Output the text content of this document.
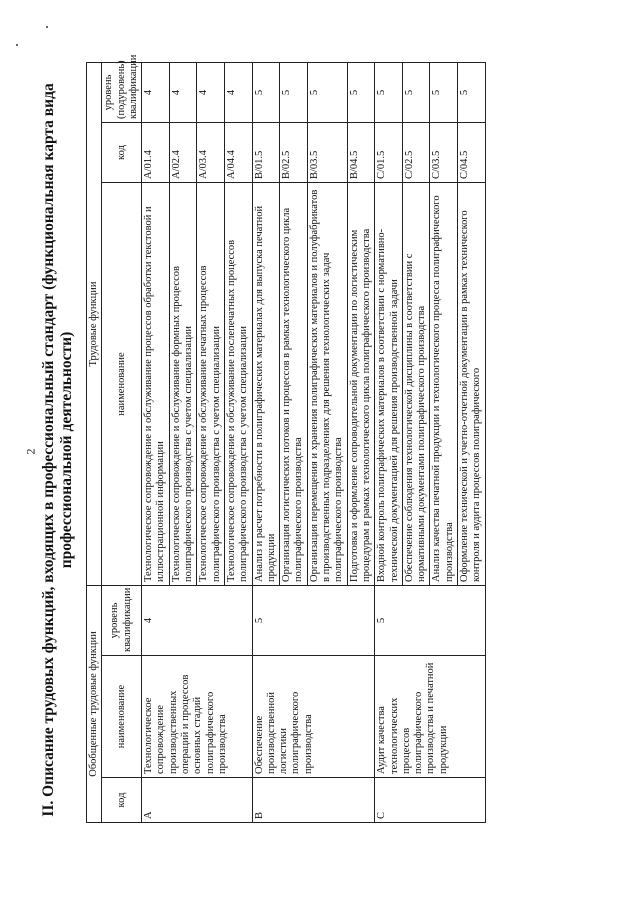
2 II. Описание трудовых функций, входящих в профессиональный стандарт (функциональная карта вида профессиональной деятельности)
Обобщенные трудовые функции			Трудовые функции		
код	наименование	уровень квалификации	наименование	код	уровень (подуровень) квалификации
A	Технологическое сопровождение производственных операций и процессов основных стадий полиграфического производства	4	Технологическое сопровождение и обслуживание процессов обработки текстовой и иллюстрационной информации	A/01.4	4
			Технологическое сопровождение и обслуживание формных процессов полиграфического производства с учетом специализации	A/02.4	4
			Технологическое сопровождение и обслуживание печатных процессов полиграфического производства с учетом специализации	A/03.4	4
			Технологическое сопровождение и обслуживание послепечатных процессов полиграфического производства с учетом специализации	A/04.4	4
B	Обеспечение производственной логистики полиграфического производства	5	Анализ и расчет потребности в полиграфических материалах для выпуска печатной продукции	B/01.5	5
			Организация логистических потоков и процессов в рамках технологического цикла полиграфического производства	B/02.5	5
			Организация перемещения и хранения полиграфических материалов и полуфабрикатов в производственных подразделениях для решения технологических задач полиграфического производства	B/03.5	5
			Подготовка и оформление сопроводительной документации по логистическим процедурам в рамках технологического цикла полиграфического производства	B/04.5	5
C	Аудит качества технологических процессов полиграфического производства и печатной продукции	5	Входной контроль полиграфических материалов в соответствии с нормативно-технической документацией для решения производственной задачи	C/01.5	5
			Обеспечение соблюдения технологической дисциплины в соответствии с нормативными документами полиграфического производства	C/02.5	5
			Анализ качества печатной продукции и технологического процесса полиграфического производства	C/03.5	5
			Оформление технической и учетно-отчетной документации в рамках технического контроля и аудита процессов полиграфического	C/04.5	5
